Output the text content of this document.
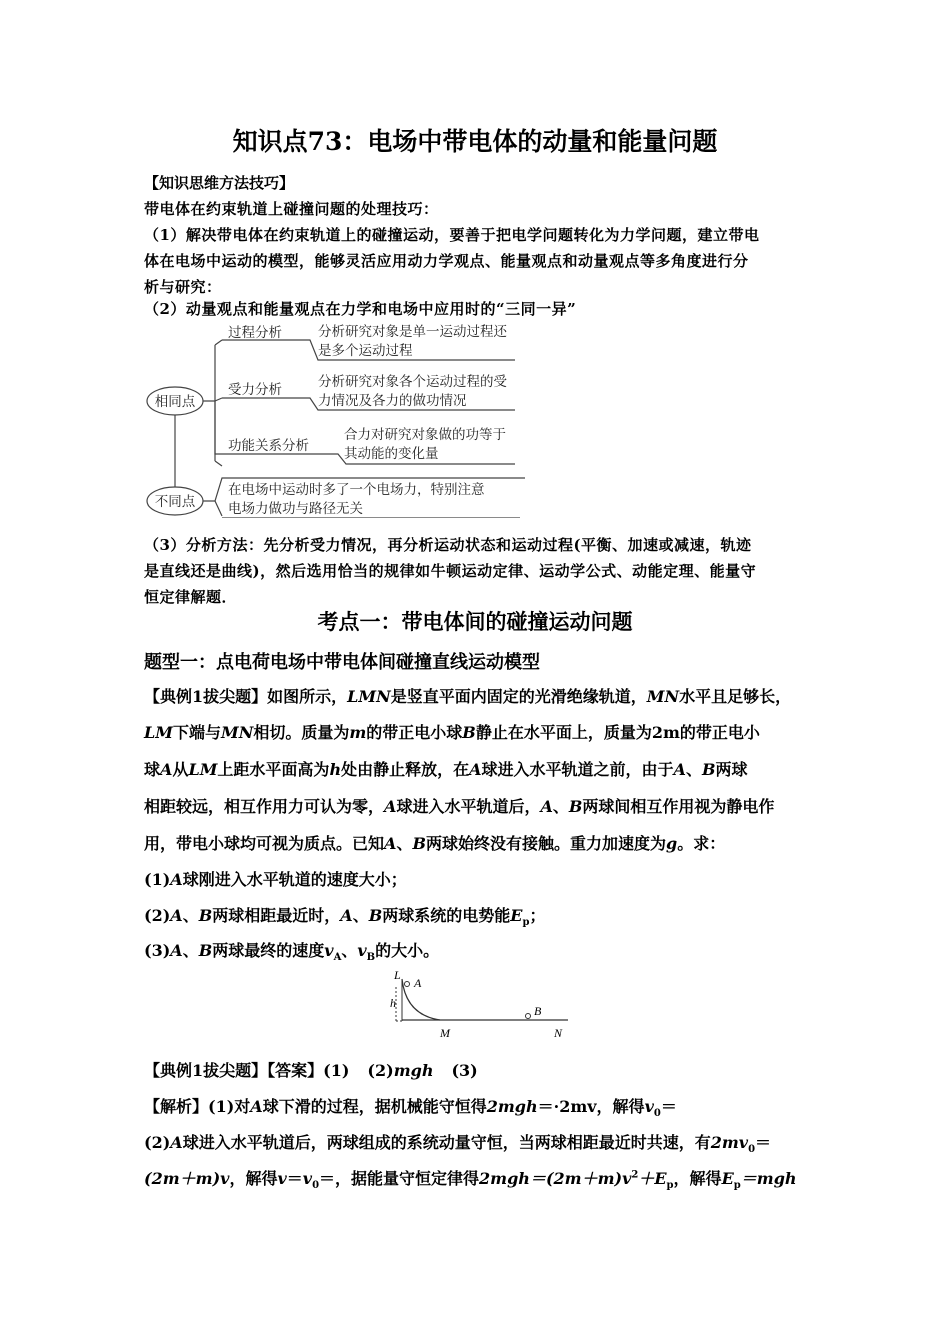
知识点73：电场中带电体的动量和能量问题
【知识思维方法技巧】
带电体在约束轨道上碰撞问题的处理技巧：
（1）解决带电体在约束轨道上的碰撞运动，要善于把电学问题转化为力学问题，建立带电
体在电场中运动的模型，能够灵活应用动力学观点、能量观点和动量观点等多角度进行分
析与研究：
（2）动量观点和能量观点在力学和电场中应用时的“三同一异”
相同点
不同点
过程分析	分析研究对象是单一运动过程还
是多个运动过程
受力分析	分析研究对象各个运动过程的受
力情况及各力的做功情况
功能关系分析
合力对研究对象做的功等于
其动能的变化量
在电场中运动时多了一个电场力，特别注意
电场力做功与路径无关
（3）分析方法：先分析受力情况，再分析运动状态和运动过程(平衡、加速或减速，轨迹
是直线还是曲线)，然后选用恰当的规律如牛顿运动定律、运动学公式、动能定理、能量守
恒定律解题．
考点一：带电体间的碰撞运动问题
题型一：点电荷电场中带电体间碰撞直线运动模型
【典例1拔尖题】如图所示，LMN是竖直平面内固定的光滑绝缘轨道，MN水平且足够长，
LM下端与MN相切。质量为m的带正电小球B静止在水平面上，质量为2m的带正电小
球A从LM上距水平面高为h处由静止释放，在A球进入水平轨道之前，由于A、B两球
相距较远，相互作用力可认为零，A球进入水平轨道后，A、B两球间相互作用视为静电作
用，带电小球均可视为质点。已知A、B两球始终没有接触。重力加速度为g。求：
(1)A球刚进入水平轨道的速度大小；
(2)A、B两球相距最近时，A、B两球系统的电势能$E_p$；
(3)A、B两球最终的速度$v_A$、$v_B$的大小。
L
A
h
M
B
N
【典例1拔尖题】【答案】(1) (2)mgh (3)
【解析】(1)对A球下滑的过程，据机械能守恒得2mgh＝·2mv，解得$v_0=$
(2)A球进入水平轨道后，两球组成的系统动量守恒，当两球相距最近时共速，有$2mv_0=$
(2m＋m)v，解得$v=v_0=$，据能量守恒定律得$2mgh=(2m+m)v^2+E_p$，解得$E_p=mgh$
